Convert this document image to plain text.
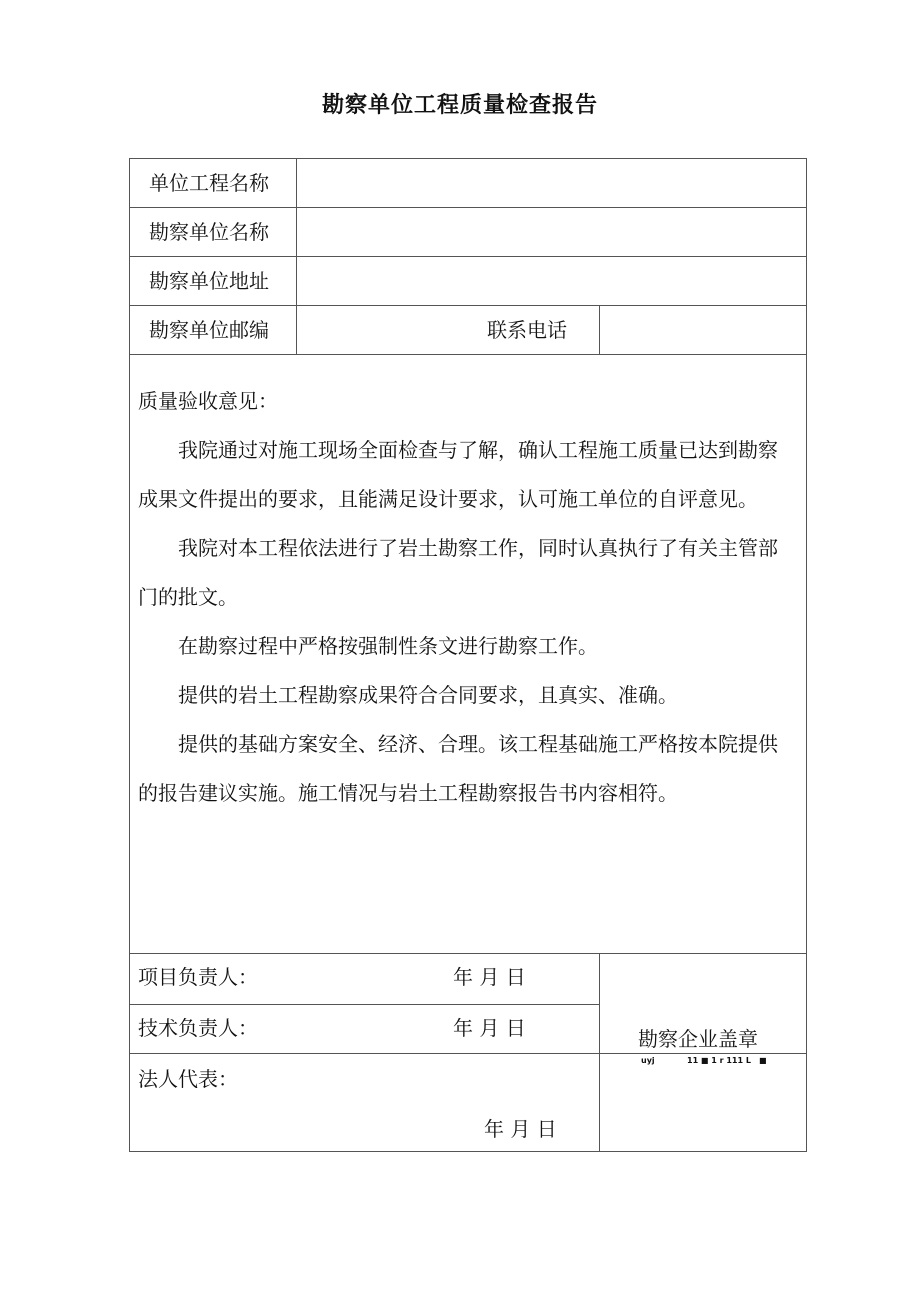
勘察单位工程质量检查报告
单位工程名称
勘察单位名称
勘察单位地址
勘察单位邮编	联系电话

质量验收意见：

我院通过对施工现场全面检查与了解，确认工程施工质量已达到勘察成果文件提出的要求，且能满足设计要求，认可施工单位的自评意见。

我院对本工程依法进行了岩土勘察工作，同时认真执行了有关主管部门的批文。

在勘察过程中严格按强制性条文进行勘察工作。

提供的岩土工程勘察成果符合合同要求，且真实、准确。

提供的基础方案安全、经济、合理。该工程基础施工严格按本院提供的报告建议实施。施工情况与岩土工程勘察报告书内容相符。

项目负责人：	年 月 日
技术负责人：	年 月 日
法人代表：
年 月 日
勘察企业盖章
uyj	11 ■ 1 r 111 L ■
